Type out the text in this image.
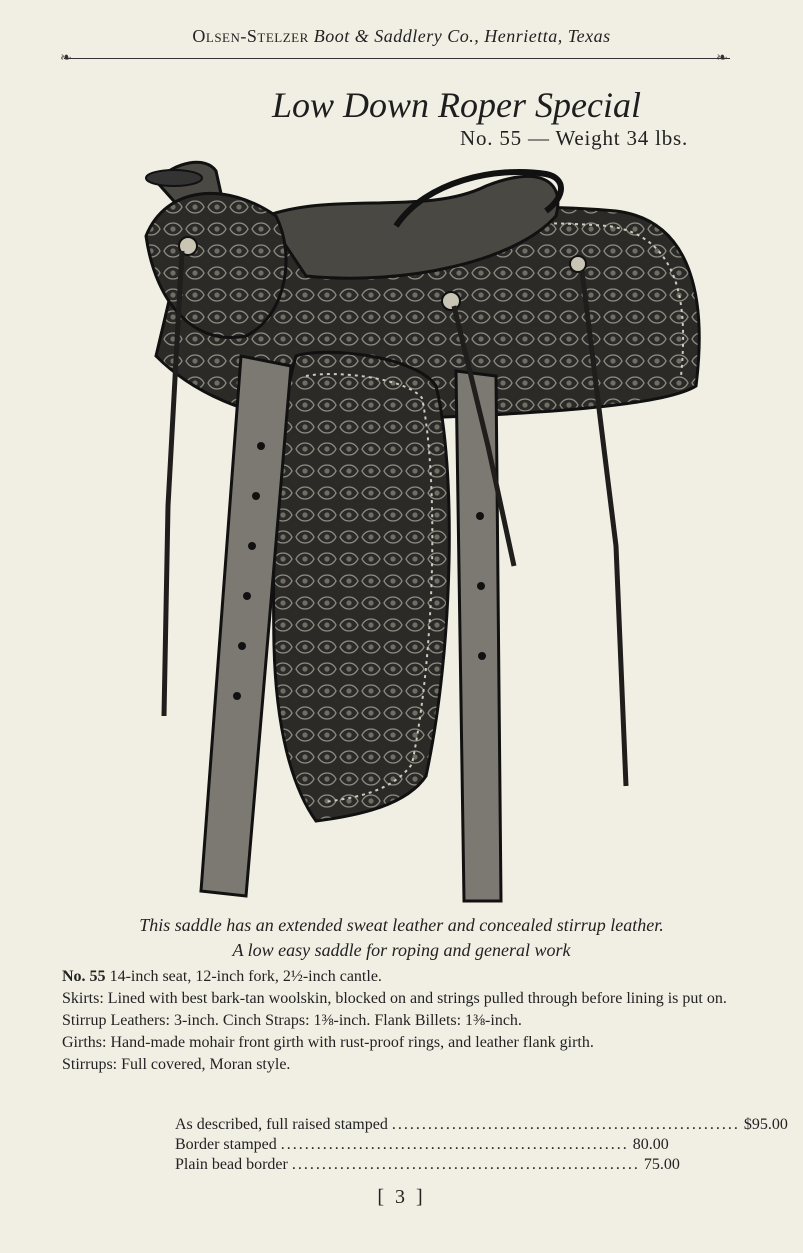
Olsen-Stelzer Boot & Saddlery Co., Henrietta, Texas
❧	❧
Low Down Roper Special
No. 55 — Weight 34 lbs.
This saddle has an extended sweat leather and concealed stirrup leather.
A low easy saddle for roping and general work

No. 55 14-inch seat, 12-inch fork, 2½-inch cantle.

Skirts: Lined with best bark-tan woolskin, blocked on and strings pulled through before lining is put on.

Stirrup Leathers: 3-inch. Cinch Straps: 1⅜-inch. Flank Billets: 1⅜-inch.

Girths: Hand-made mohair front girth with rust-proof rings, and leather flank girth.

Stirrups: Full covered, Moran style.

As described, full raised stamped .......................................................... $95.00
Border stamped .......................................................... 80.00
Plain bead border .......................................................... 75.00
[ 3 ]
